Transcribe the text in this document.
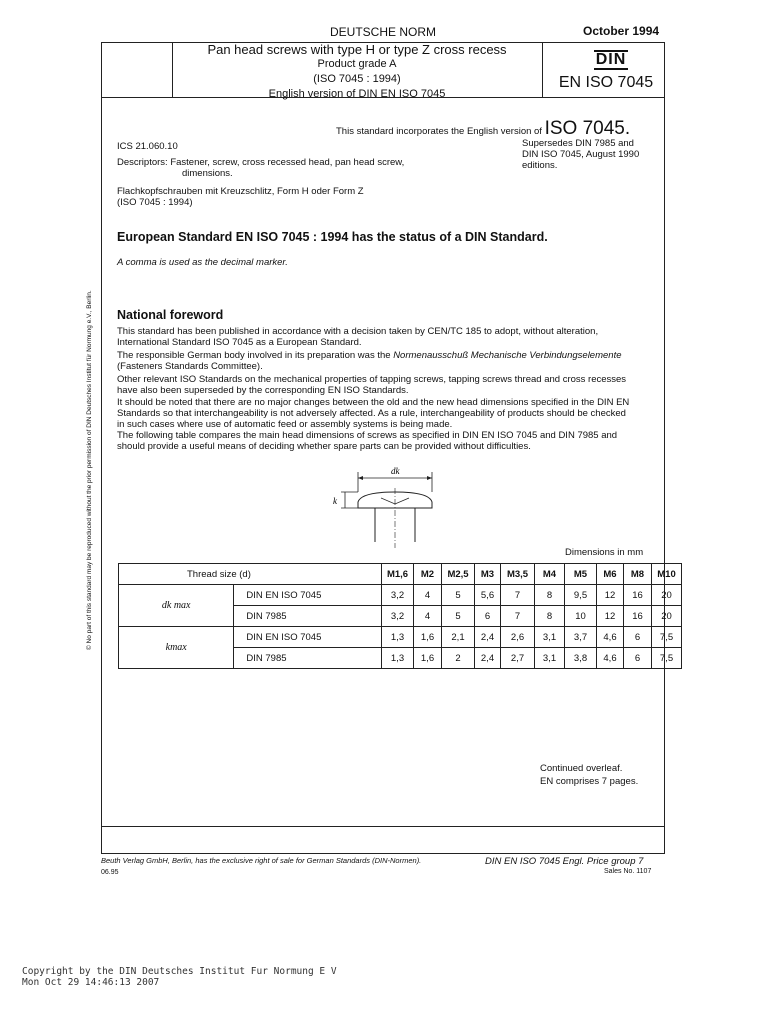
DEUTSCHE NORM	October 1994
Pan head screws with type H or type Z cross recess
Product grade A
(ISO 7045 : 1994)
English version of DIN EN ISO 7045
DIN
EN ISO 7045
This standard incorporates the English version of ISO 7045.
ICS 21.060.10
Descriptors: Fastener, screw, cross recessed head, pan head screw,
dimensions.
Supersedes DIN 7985 and
DIN ISO 7045, August 1990
editions.
Flachkopfschrauben mit Kreuzschlitz, Form H oder Form Z
(ISO 7045 : 1994)
European Standard EN ISO 7045 : 1994 has the status of a DIN Standard.
A comma is used as the decimal marker.
National foreword
This standard has been published in accordance with a decision taken by CEN/TC 185 to adopt, without alteration,
International Standard ISO 7045 as a European Standard.
The responsible German body involved in its preparation was the Normenausschuß Mechanische Verbindungselemente
(Fasteners Standards Committee).
Other relevant ISO Standards on the mechanical properties of tapping screws, tapping screws thread and cross recesses
have also been superseded by the corresponding EN ISO Standards.
It should be noted that there are no major changes between the old and the new head dimensions specified in the DIN EN
Standards so that interchangeability is not adversely affected. As a rule, interchangeability of products should be checked
in such cases where use of automatic feed or assembly systems is being made.
The following table compares the main head dimensions of screws as specified in DIN EN ISO 7045 and DIN 7985 and
should provide a useful means of deciding whether spare parts can be provided without difficulties.
dk
k
Dimensions in mm
Thread size (d)		M1,6	M2	M2,5	M3	M3,5	M4	M5	M6	M8	M10
dk max	DIN EN ISO 7045	3,2	4	5	5,6	7	8	9,5	12	16	20
	DIN 7985	3,2	4	5	6	7	8	10	12	16	20
kmax	DIN EN ISO 7045	1,3	1,6	2,1	2,4	2,6	3,1	3,7	4,6	6	7,5
	DIN 7985	1,3	1,6	2	2,4	2,7	3,1	3,8	4,6	6	7,5
Continued overleaf.
EN comprises 7 pages.
© No part of this standard may be reproduced without the prior permission of DIN Deutsches Institut für Normung e.V., Berlin.
Beuth Verlag GmbH, Berlin, has the exclusive right of sale for German Standards (DIN-Normen).
06.95
DIN EN ISO 7045 Engl. Price group 7
Sales No. 1107
Copyright by the DIN Deutsches Institut Fur Normung E V
Mon Oct 29 14:46:13 2007
